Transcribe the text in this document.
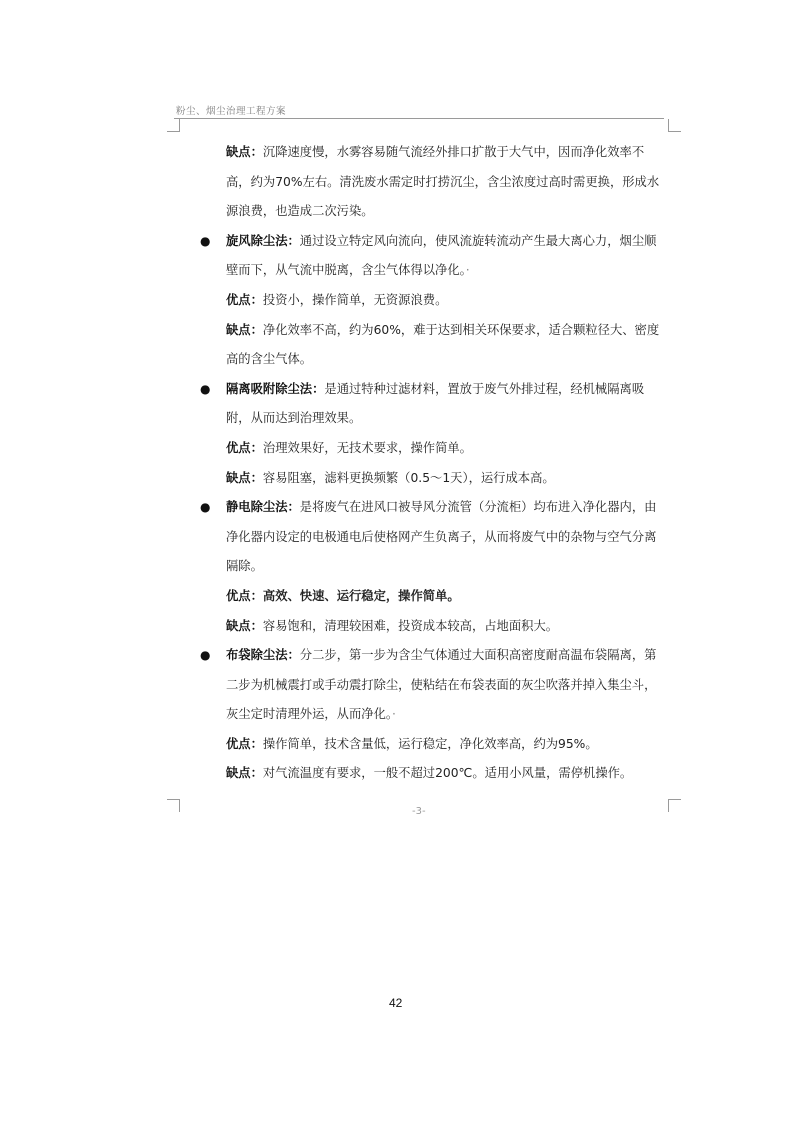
粉尘、烟尘治理工程方案
缺点：沉降速度慢，水雾容易随气流经外排口扩散于大气中，因而净化效率不高，约为70%左右。清洗废水需定时打捞沉尘，含尘浓度过高时需更换，形成水源浪费，也造成二次污染。
● 旋风除尘法：通过设立特定风向流向，使风流旋转流动产生最大离心力，烟尘顺壁而下，从气流中脱离，含尘气体得以净化。·
优点：投资小，操作简单，无资源浪费。
缺点：净化效率不高，约为60%，难于达到相关环保要求，适合颗粒径大、密度高的含尘气体。
● 隔离吸附除尘法：是通过特种过滤材料，置放于废气外排过程，经机械隔离吸附，从而达到治理效果。
优点：治理效果好，无技术要求，操作简单。
缺点：容易阻塞，滤料更换频繁（0.5～1天），运行成本高。
● 静电除尘法：是将废气在进风口被导风分流管（分流柜）均布进入净化器内，由净化器内设定的电极通电后使格网产生负离子，从而将废气中的杂物与空气分离隔除。
优点：高效、快速、运行稳定，操作简单。
缺点：容易饱和，清理较困难，投资成本较高，占地面积大。
● 布袋除尘法：分二步，第一步为含尘气体通过大面积高密度耐高温布袋隔离，第二步为机械震打或手动震打除尘，使粘结在布袋表面的灰尘吹落并掉入集尘斗，灰尘定时清理外运，从而净化。·
优点：操作简单，技术含量低，运行稳定，净化效率高，约为95%。
缺点：对气流温度有要求，一般不超过200℃。适用小风量，需停机操作。
-3-
42
